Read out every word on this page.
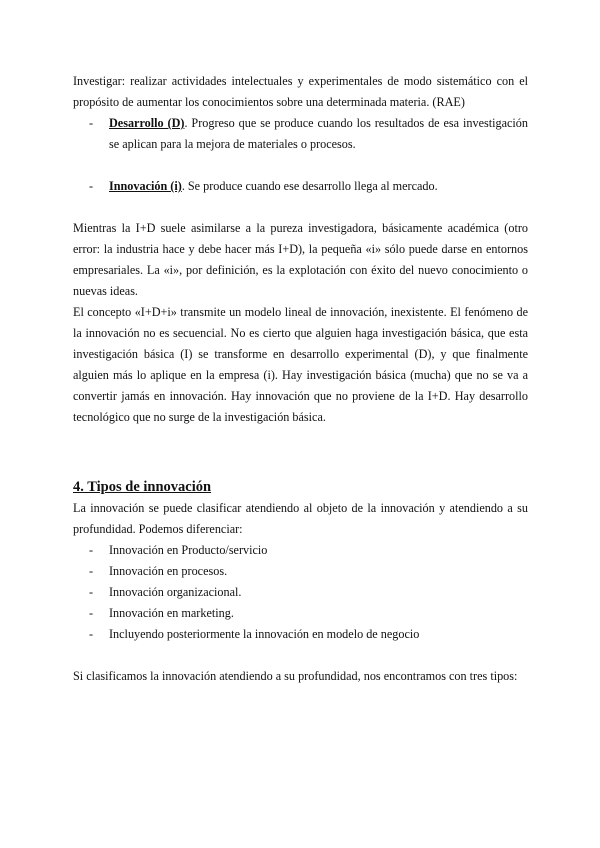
Investigar: realizar actividades intelectuales y experimentales de modo sistemático con el propósito de aumentar los conocimientos sobre una determinada materia. (RAE)

- Desarrollo (D). Progreso que se produce cuando los resultados de esa investigación se aplican para la mejora de materiales o procesos.
- Innovación (i). Se produce cuando ese desarrollo llega al mercado.

Mientras la I+D suele asimilarse a la pureza investigadora, básicamente académica (otro error: la industria hace y debe hacer más I+D), la pequeña «i» sólo puede darse en entornos empresariales. La «i», por definición, es la explotación con éxito del nuevo conocimiento o nuevas ideas.

El concepto «I+D+i» transmite un modelo lineal de innovación, inexistente. El fenómeno de la innovación no es secuencial. No es cierto que alguien haga investigación básica, que esta investigación básica (I) se transforme en desarrollo experimental (D), y que finalmente alguien más lo aplique en la empresa (i). Hay investigación básica (mucha) que no se va a convertir jamás en innovación. Hay innovación que no proviene de la I+D. Hay desarrollo tecnológico que no surge de la investigación básica.

4. Tipos de innovación

La innovación se puede clasificar atendiendo al objeto de la innovación y atendiendo a su profundidad. Podemos diferenciar:

- Innovación en Producto/servicio
- Innovación en procesos.
- Innovación organizacional.
- Innovación en marketing.
- Incluyendo posteriormente la innovación en modelo de negocio

Si clasificamos la innovación atendiendo a su profundidad, nos encontramos con tres tipos:
